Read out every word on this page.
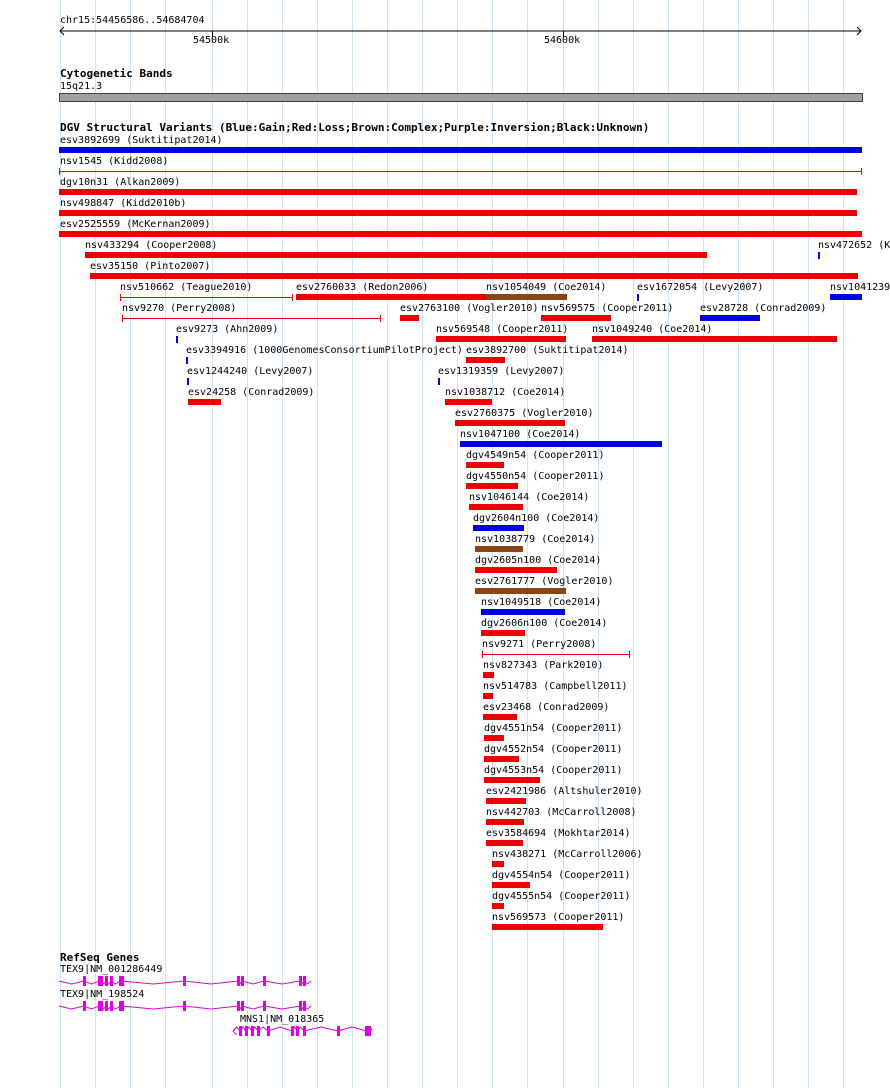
chr15:54456586..54684704
54500k	54600k
Cytogenetic Bands
15q21.3
DGV Structural Variants (Blue:Gain;Red:Loss;Brown:Complex;Purple:Inversion;Black:Unknown)
esv3892699 (Suktitipat2014)
nsv1545 (Kidd2008)
dgv10n31 (Alkan2009)
nsv498847 (Kidd2010b)
esv2525559 (McKernan2009)
nsv433294 (Cooper2008)	nsv472652 (K
esv35150 (Pinto2007)
nsv510662 (Teague2010)	esv2760033 (Redon2006)	nsv1054049 (Coe2014)	esv1672054 (Levy2007)	nsv1041239
nsv9270 (Perry2008)	esv2763100 (Vogler2010) nsv569575 (Cooper2011)	esv28728 (Conrad2009)
esv9273 (Ahn2009)	nsv569548 (Cooper2011) nsv1049240 (Coe2014)
esv3394916 (1000GenomesConsortiumPilotProject) esv3892700 (Suktitipat2014)
esv1244240 (Levy2007)	esv1319359 (Levy2007)
esv24258 (Conrad2009)	nsv1038712 (Coe2014)
esv2760375 (Vogler2010)
nsv1047100 (Coe2014)
dgv4549n54 (Cooper2011)
dgv4550n54 (Cooper2011)
nsv1046144 (Coe2014)
dgv2604n100 (Coe2014)
nsv1038779 (Coe2014)
dgv2605n100 (Coe2014)
esv2761777 (Vogler2010)
nsv1049518 (Coe2014)
dgv2606n100 (Coe2014)
nsv9271 (Perry2008)
nsv827343 (Park2010)
nsv514783 (Campbell2011)
esv23468 (Conrad2009)
dgv4551n54 (Cooper2011)
dgv4552n54 (Cooper2011)
dgv4553n54 (Cooper2011)
esv2421986 (Altshuler2010)
nsv442703 (McCarroll2008)
esv3584694 (Mokhtar2014)
nsv438271 (McCarroll2006)
dgv4554n54 (Cooper2011)
dgv4555n54 (Cooper2011)
nsv569573 (Cooper2011)
RefSeq Genes
TEX9|NM_001286449
TEX9|NM_198524
MNS1|NM_018365
